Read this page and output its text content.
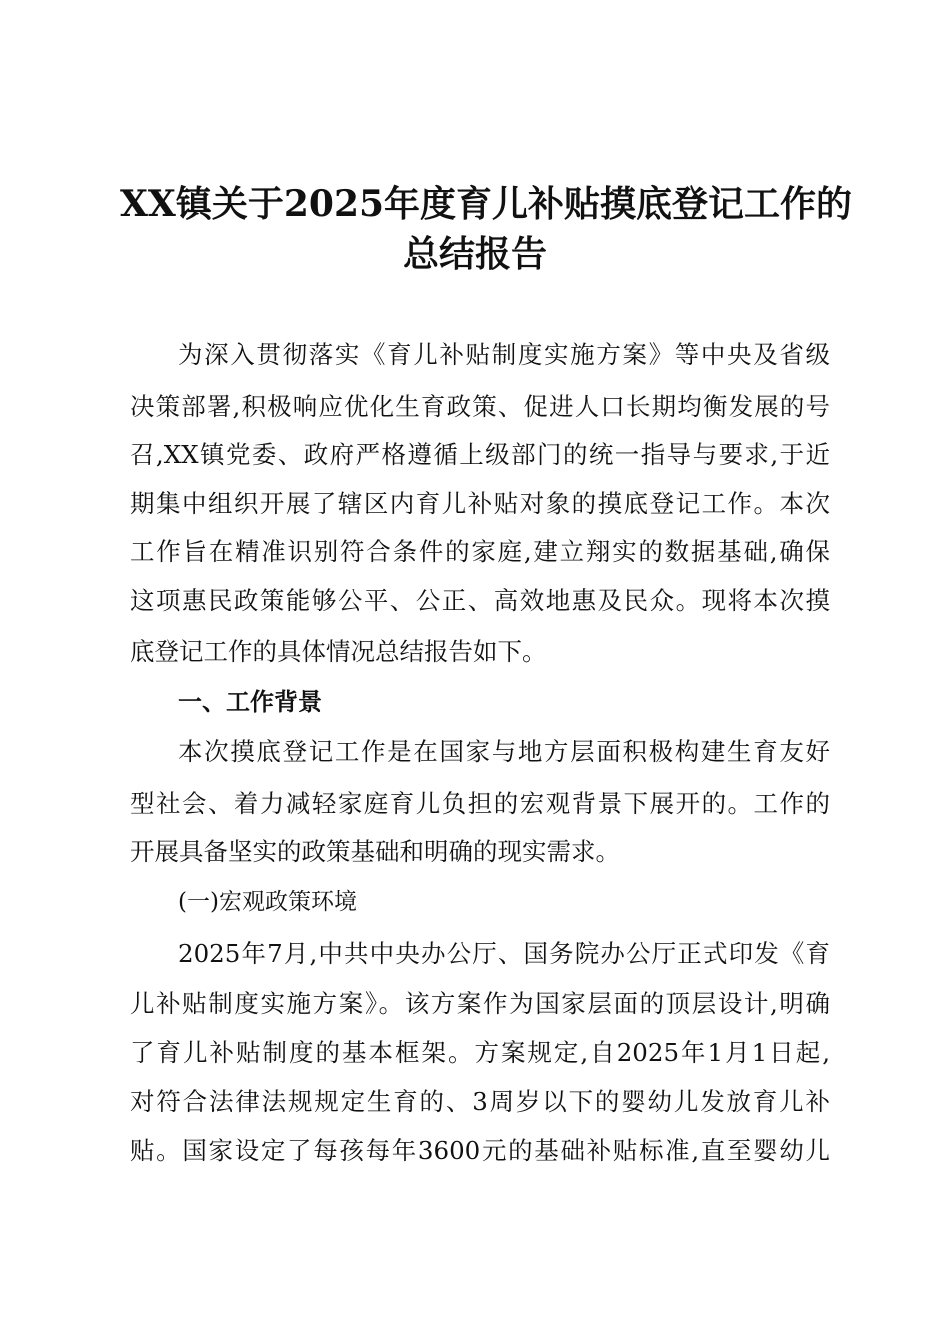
XX镇关于2025年度育儿补贴摸底登记工作的
总结报告
为深入贯彻落实《育儿补贴制度实施方案》等中央及省级
决策部署,积极响应优化生育政策、促进人口长期均衡发展的号
召,XX镇党委、政府严格遵循上级部门的统一指导与要求,于近
期集中组织开展了辖区内育儿补贴对象的摸底登记工作。本次
工作旨在精准识别符合条件的家庭,建立翔实的数据基础,确保
这项惠民政策能够公平、公正、高效地惠及民众。现将本次摸
底登记工作的具体情况总结报告如下。
一、工作背景
本次摸底登记工作是在国家与地方层面积极构建生育友好
型社会、着力减轻家庭育儿负担的宏观背景下展开的。工作的
开展具备坚实的政策基础和明确的现实需求。
(一)宏观政策环境
2025年7月,中共中央办公厅、国务院办公厅正式印发《育
儿补贴制度实施方案》。该方案作为国家层面的顶层设计,明确
了育儿补贴制度的基本框架。方案规定,自2025年1月1日起,
对符合法律法规规定生育的、3周岁以下的婴幼儿发放育儿补
贴。国家设定了每孩每年3600元的基础补贴标准,直至婴幼儿
